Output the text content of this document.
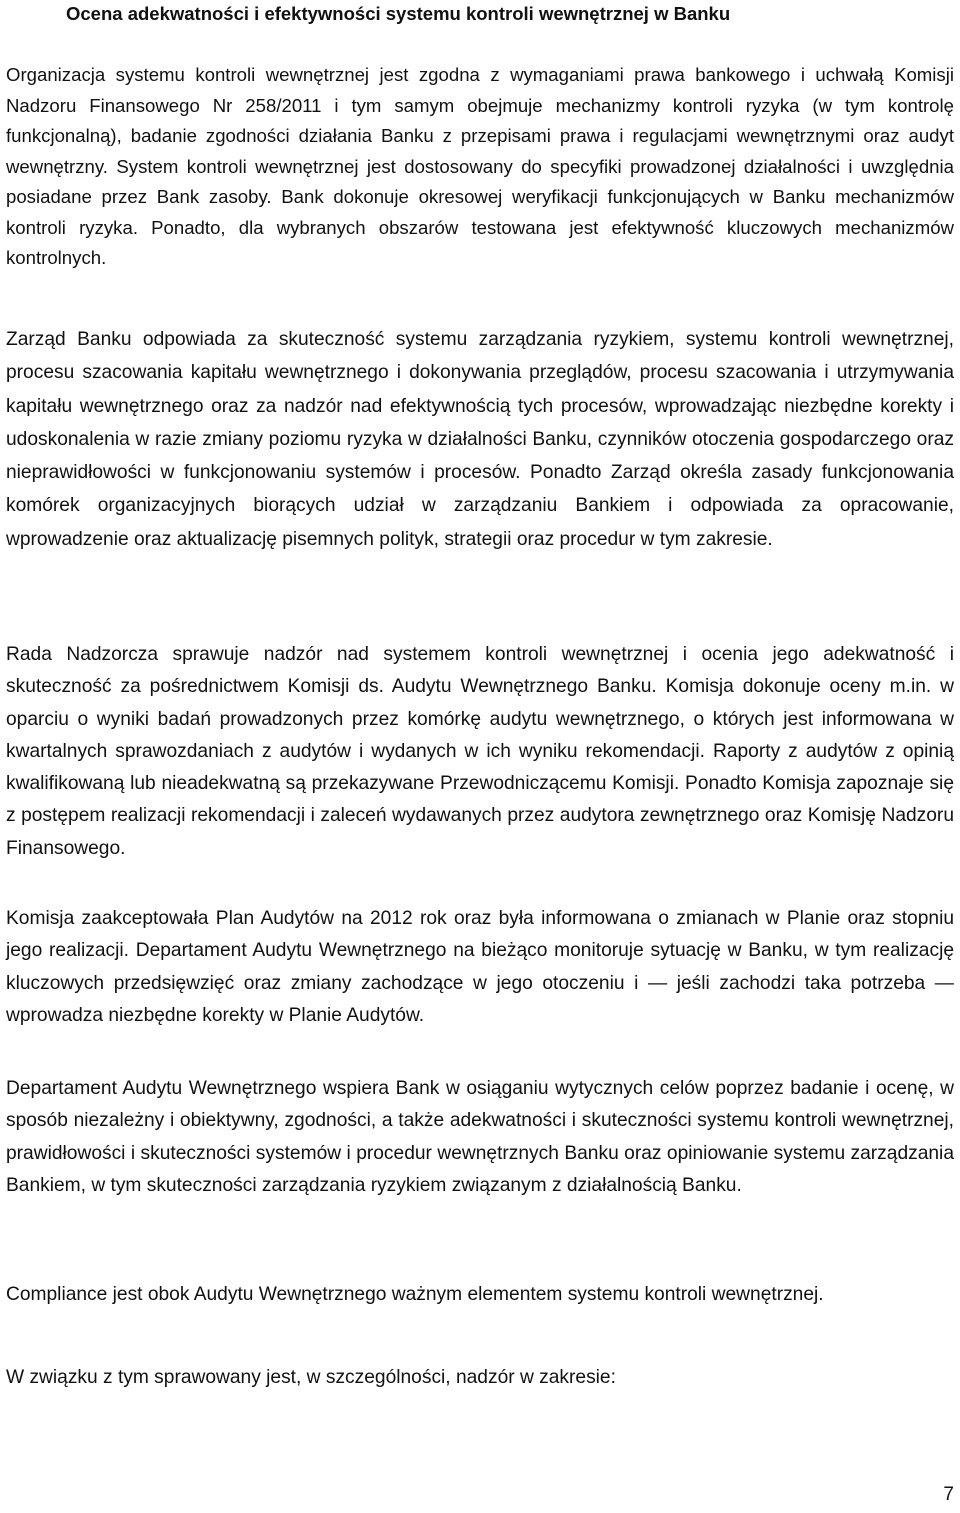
Ocena adekwatności i efektywności systemu kontroli wewnętrznej w Banku

Organizacja systemu kontroli wewnętrznej jest zgodna z wymaganiami prawa bankowego i uchwałą Komisji Nadzoru Finansowego Nr 258/2011 i tym samym obejmuje mechanizmy kontroli ryzyka (w tym kontrolę funkcjonalną), badanie zgodności działania Banku z przepisami prawa i regulacjami wewnętrznymi oraz audyt wewnętrzny. System kontroli wewnętrznej jest dostosowany do specyfiki prowadzonej działalności i uwzględnia posiadane przez Bank zasoby. Bank dokonuje okresowej weryfikacji funkcjonujących w Banku mechanizmów kontroli ryzyka. Ponadto, dla wybranych obszarów testowana jest efektywność kluczowych mechanizmów kontrolnych.

Zarząd Banku odpowiada za skuteczność systemu zarządzania ryzykiem, systemu kontroli wewnętrznej, procesu szacowania kapitału wewnętrznego i dokonywania przeglądów, procesu szacowania i utrzymywania kapitału wewnętrznego oraz za nadzór nad efektywnością tych procesów, wprowadzając niezbędne korekty i udoskonalenia w razie zmiany poziomu ryzyka w działalności Banku, czynników otoczenia gospodarczego oraz nieprawidłowości w funkcjonowaniu systemów i procesów. Ponadto Zarząd określa zasady funkcjonowania komórek organizacyjnych biorących udział w zarządzaniu Bankiem i odpowiada za opracowanie, wprowadzenie oraz aktualizację pisemnych polityk, strategii oraz procedur w tym zakresie.

Rada Nadzorcza sprawuje nadzór nad systemem kontroli wewnętrznej i ocenia jego adekwatność i skuteczność za pośrednictwem Komisji ds. Audytu Wewnętrznego Banku. Komisja dokonuje oceny m.in. w oparciu o wyniki badań prowadzonych przez komórkę audytu wewnętrznego, o których jest informowana w kwartalnych sprawozdaniach z audytów i wydanych w ich wyniku rekomendacji. Raporty z audytów z opinią kwalifikowaną lub nieadekwatną są przekazywane Przewodniczącemu Komisji. Ponadto Komisja zapoznaje się z postępem realizacji rekomendacji i zaleceń wydawanych przez audytora zewnętrznego oraz Komisję Nadzoru Finansowego.

Komisja zaakceptowała Plan Audytów na 2012 rok oraz była informowana o zmianach w Planie oraz stopniu jego realizacji. Departament Audytu Wewnętrznego na bieżąco monitoruje sytuację w Banku, w tym realizację kluczowych przedsięwzięć oraz zmiany zachodzące w jego otoczeniu i — jeśli zachodzi taka potrzeba — wprowadza niezbędne korekty w Planie Audytów.

Departament Audytu Wewnętrznego wspiera Bank w osiąganiu wytycznych celów poprzez badanie i ocenę, w sposób niezależny i obiektywny, zgodności, a także adekwatności i skuteczności systemu kontroli wewnętrznej, prawidłowości i skuteczności systemów i procedur wewnętrznych Banku oraz opiniowanie systemu zarządzania Bankiem, w tym skuteczności zarządzania ryzykiem związanym z działalnością Banku.

Compliance jest obok Audytu Wewnętrznego ważnym elementem systemu kontroli wewnętrznej.

W związku z tym sprawowany jest, w szczególności, nadzór w zakresie:

7
